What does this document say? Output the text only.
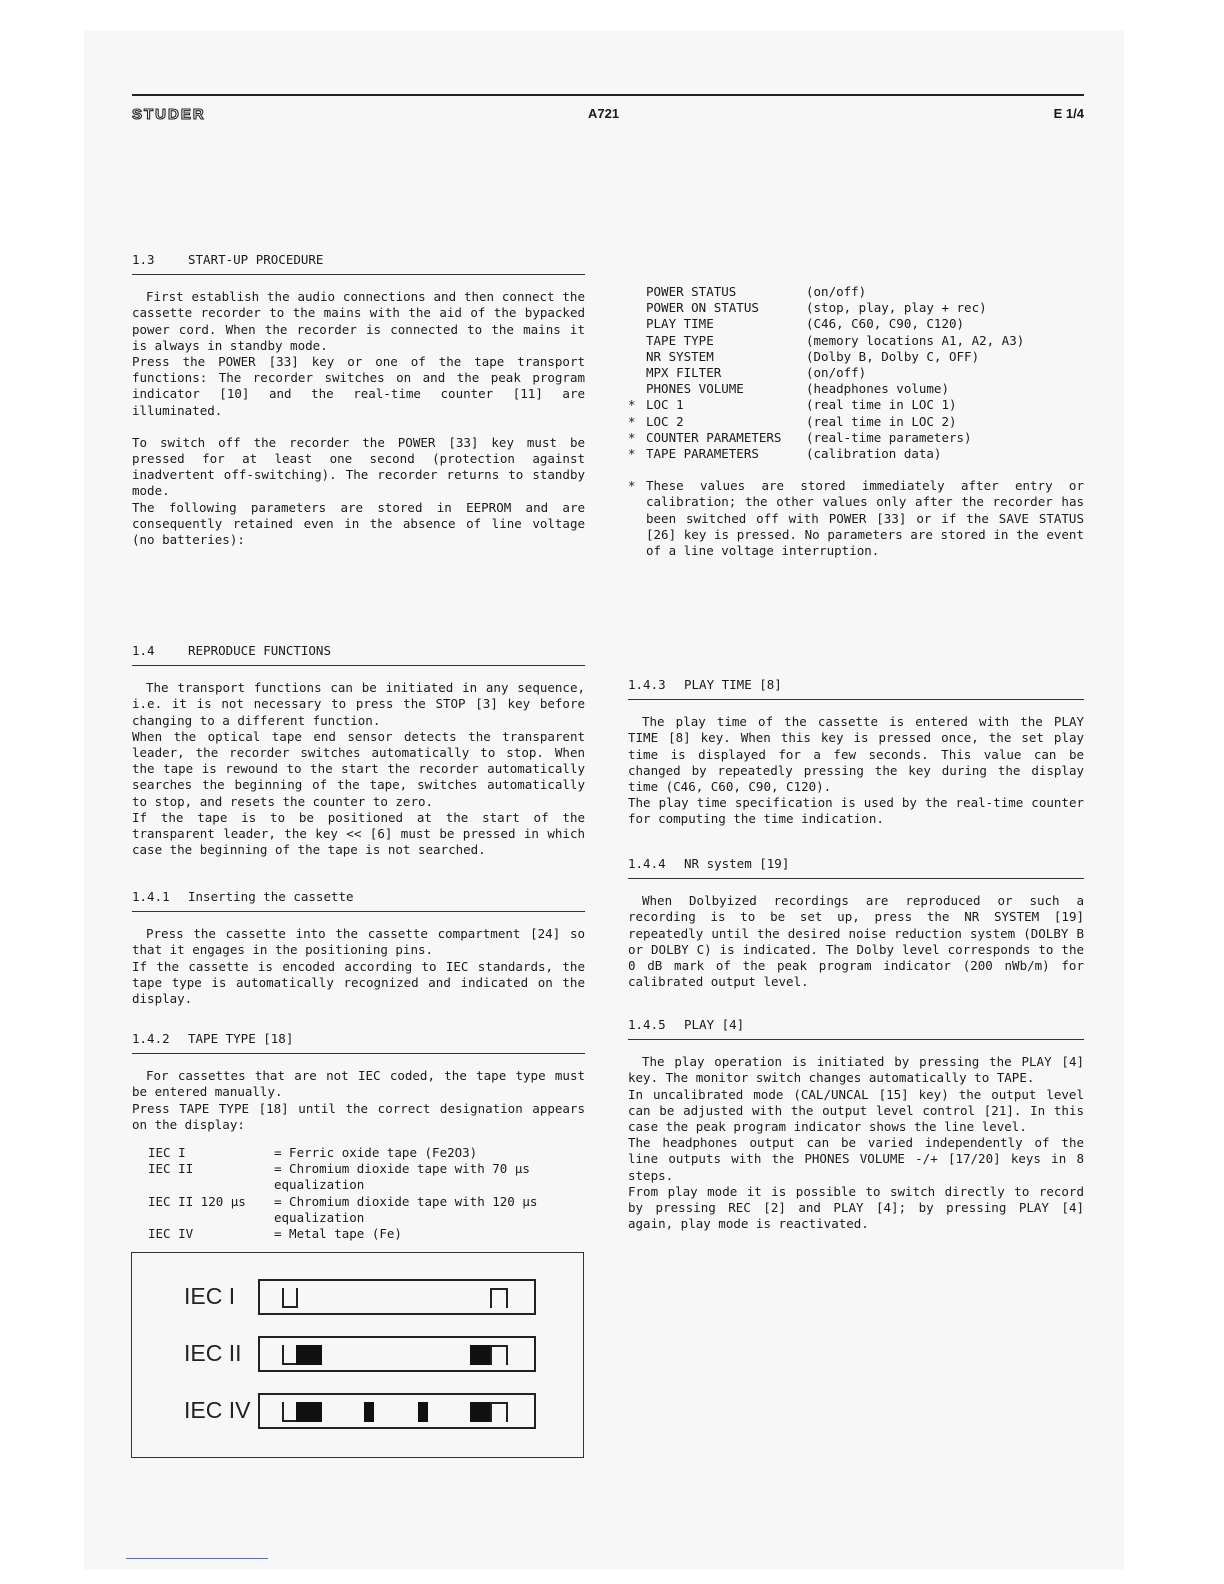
STUDER	A721	E 1/4
1.3	START-UP PROCEDURE

First establish the audio connections and then connect the cassette recorder to the mains with the aid of the bypacked power cord. When the recorder is connected to the mains it is always in standby mode.

Press the POWER [33] key or one of the tape transport functions: The recorder switches on and the peak program indicator [10] and the real-time counter [11] are illuminated.

To switch off the recorder the POWER [33] key must be pressed for at least one second (protection against inadvertent off-switching). The recorder returns to standby mode.

The following parameters are stored in EEPROM and are consequently retained even in the absence of line voltage (no batteries):

POWER STATUS	(on/off)
POWER ON STATUS	(stop, play, play + rec)
PLAY TIME	(C46, C60, C90, C120)
TAPE TYPE	(memory locations A1, A2, A3)
NR SYSTEM	(Dolby B, Dolby C, OFF)
MPX FILTER	(on/off)
PHONES VOLUME	(headphones volume)
* LOC 1	(real time in LOC 1)
* LOC 2	(real time in LOC 2)
* COUNTER PARAMETERS	(real-time parameters)
* TAPE PARAMETERS	(calibration data)
* These values are stored immediately after entry or calibration; the other values only after the recorder has been switched off with POWER [33] or if the SAVE STATUS [26] key is pressed. No parameters are stored in the event of a line voltage interruption.

1.4	REPRODUCE FUNCTIONS

The transport functions can be initiated in any sequence, i.e. it is not necessary to press the STOP [3] key before changing to a different function.

When the optical tape end sensor detects the transparent leader, the recorder switches automatically to stop. When the tape is rewound to the start the recorder automatically searches the beginning of the tape, switches automatically to stop, and resets the counter to zero.

If the tape is to be positioned at the start of the transparent leader, the key << [6] must be pressed in which case the beginning of the tape is not searched.

1.4.1 Inserting the cassette

Press the cassette into the cassette compartment [24] so that it engages in the positioning pins.

If the cassette is encoded according to IEC standards, the tape type is automatically recognized and indicated on the display.

1.4.2 TAPE TYPE [18]

For cassettes that are not IEC coded, the tape type must be entered manually.

Press TAPE TYPE [18] until the correct designation appears on the display:

IEC I	= Ferric oxide tape (Fe2O3)
IEC II	= Chromium dioxide tape with 70 µs equalization
IEC II 120 µs	= Chromium dioxide tape with 120 µs equalization
IEC IV	= Metal tape (Fe)
IEC I
IEC II
IEC IV
1.4.3 PLAY TIME [8]

The play time of the cassette is entered with the PLAY TIME [8] key. When this key is pressed once, the set play time is displayed for a few seconds. This value can be changed by repeatedly pressing the key during the display time (C46, C60, C90, C120).

The play time specification is used by the real-time counter for computing the time indication.

1.4.4 NR system [19]

When Dolbyized recordings are reproduced or such a recording is to be set up, press the NR SYSTEM [19] repeatedly until the desired noise reduction system (DOLBY B or DOLBY C) is indicated. The Dolby level corresponds to the 0 dB mark of the peak program indicator (200 nWb/m) for calibrated output level.

1.4.5 PLAY [4]

The play operation is initiated by pressing the PLAY [4] key. The monitor switch changes automatically to TAPE.

In uncalibrated mode (CAL/UNCAL [15] key) the output level can be adjusted with the output level control [21]. In this case the peak program indicator shows the line level.

The headphones output can be varied independently of the line outputs with the PHONES VOLUME -/+ [17/20] keys in 8 steps.

From play mode it is possible to switch directly to record by pressing REC [2] and PLAY [4]; by pressing PLAY [4] again, play mode is reactivated.
